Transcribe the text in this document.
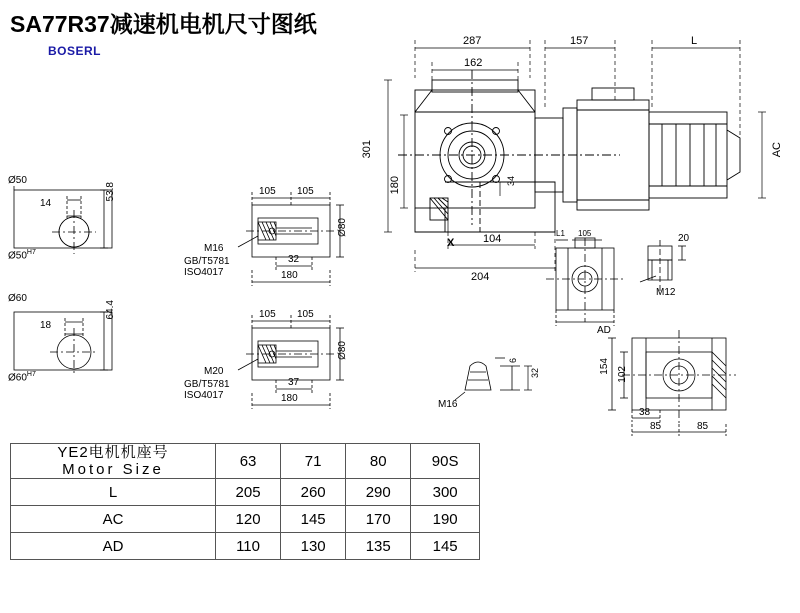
SA77R37减速机电机尺寸图纸
BOSERL
Ø50
14
53.8
$Ø50^{H7}$
Ø60
18
64.4
$Ø60^{H7}$
105 105
32
180
Ø80
M16
GB/T5781
ISO4017
105 105
37
180
Ø80
M20
GB/T5781
ISO4017
287
162
157	L
301
180	34
AC
104
204
X
M16
6
32
L1 105
AD
20
M12
154 102
38
85	85
YE2电机机座号
Motor Size	63	71	80	90S
L	205	260	290	300
AC	120	145	170	190
AD	110	130	135	145
